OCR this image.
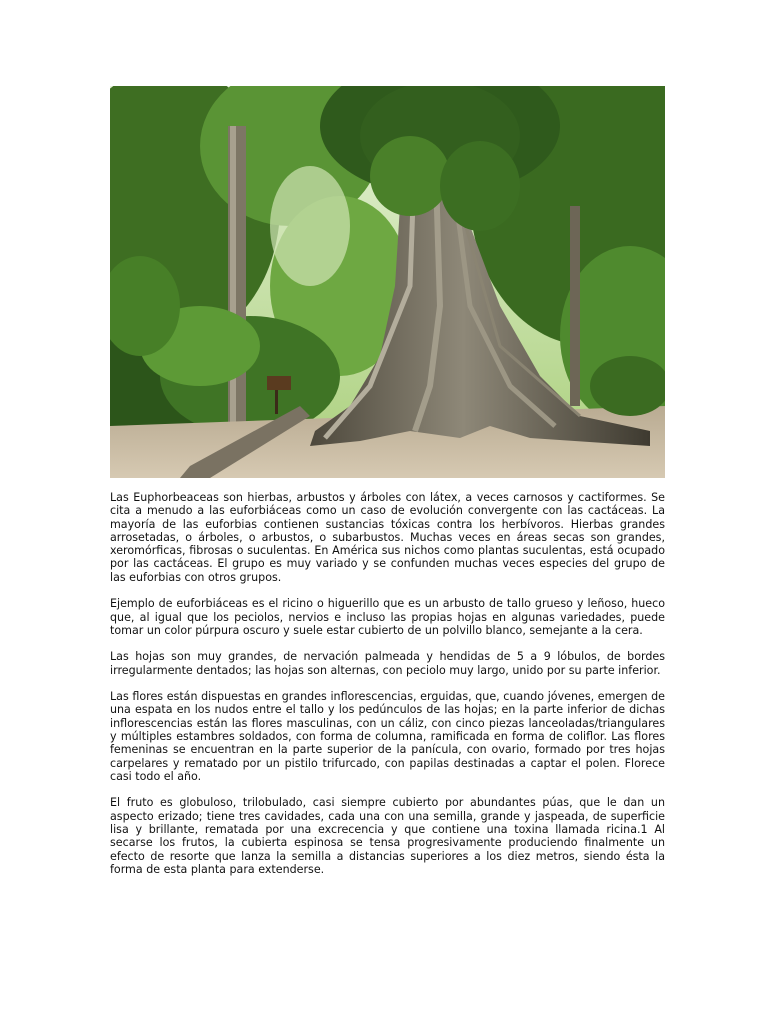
Las Euphorbeaceas son hierbas, arbustos y árboles con látex, a veces carnosos y cactiformes. Se cita a menudo a las euforbiáceas como un caso de evolución convergente con las cactáceas. La mayoría de las euforbias contienen sustancias tóxicas contra los herbívoros. Hierbas grandes arrosetadas, o árboles, o arbustos, o subarbustos. Muchas veces en áreas secas son grandes, xeromórficas, fibrosas o suculentas. En América sus nichos como plantas suculentas, está ocupado por las cactáceas. El grupo es muy variado y se confunden muchas veces especies del grupo de las euforbias con otros grupos.

Ejemplo de euforbiáceas es el ricino o higuerillo que es un arbusto de tallo grueso y leñoso, hueco que, al igual que los peciolos, nervios e incluso las propias hojas en algunas variedades, puede tomar un color púrpura oscuro y suele estar cubierto de un polvillo blanco, semejante a la cera.

Las hojas son muy grandes, de nervación palmeada y hendidas de 5 a 9 lóbulos, de bordes irregularmente dentados; las hojas son alternas, con peciolo muy largo, unido por su parte inferior.

Las flores están dispuestas en grandes inflorescencias, erguidas, que, cuando jóvenes, emergen de una espata en los nudos entre el tallo y los pedúnculos de las hojas; en la parte inferior de dichas inflorescencias están las flores masculinas, con un cáliz, con cinco piezas lanceoladas/triangulares y múltiples estambres soldados, con forma de columna, ramificada en forma de coliflor. Las flores femeninas se encuentran en la parte superior de la panícula, con ovario, formado por tres hojas carpelares y rematado por un pistilo trifurcado, con papilas destinadas a captar el polen. Florece casi todo el año.

El fruto es globuloso, trilobulado, casi siempre cubierto por abundantes púas, que le dan un aspecto erizado; tiene tres cavidades, cada una con una semilla, grande y jaspeada, de superficie lisa y brillante, rematada por una excrecencia y que contiene una toxina llamada ricina.1 Al secarse los frutos, la cubierta espinosa se tensa progresivamente produciendo finalmente un efecto de resorte que lanza la semilla a distancias superiores a los diez metros, siendo ésta la forma de esta planta para extenderse.
